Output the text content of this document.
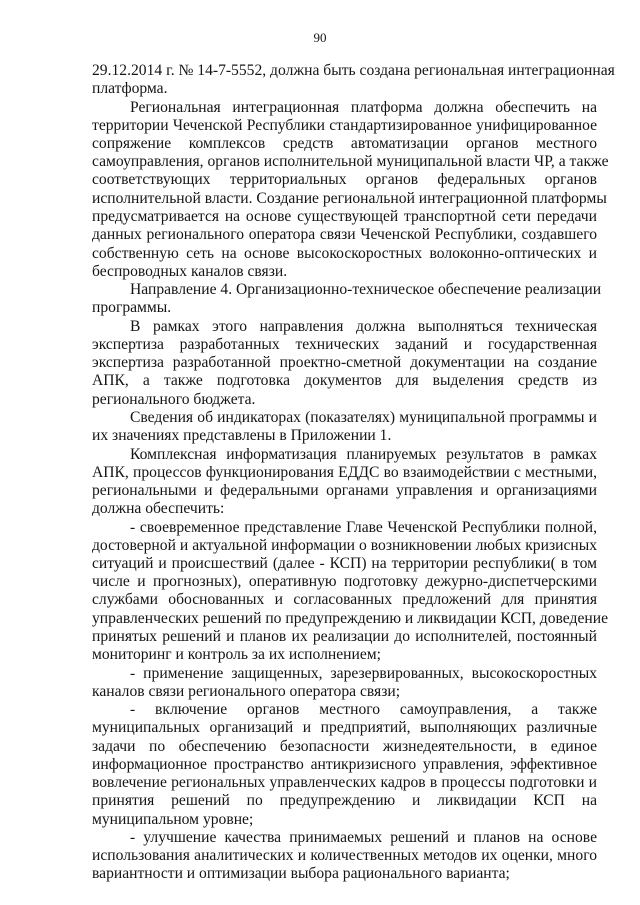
90
29.12.2014 г. № 14-7-5552, должна быть создана региональная интеграционная
платформа.
Региональная интеграционная платформа должна обеспечить на
территории Чеченской Республики стандартизированное унифицированное
сопряжение комплексов средств автоматизации органов местного
самоуправления, органов исполнительной муниципальной власти ЧР, а также
соответствующих территориальных органов федеральных органов
исполнительной власти. Создание региональной интеграционной платформы
предусматривается на основе существующей транспортной сети передачи
данных регионального оператора связи Чеченской Республики, создавшего
собственную сеть на основе высокоскоростных волоконно-оптических и
беспроводных каналов связи.
Направление 4. Организационно-техническое обеспечение реализации
программы.
В рамках этого направления должна выполняться техническая
экспертиза разработанных технических заданий и государственная
экспертиза разработанной проектно-сметной документации на создание
АПК, а также подготовка документов для выделения средств из
регионального бюджета.
Сведения об индикаторах (показателях) муниципальной программы и
их значениях представлены в Приложении 1.
Комплексная информатизация планируемых результатов в рамках
АПК, процессов функционирования ЕДДС во взаимодействии с местными,
региональными и федеральными органами управления и организациями
должна обеспечить:
- своевременное представление Главе Чеченской Республики полной,
достоверной и актуальной информации о возникновении любых кризисных
ситуаций и происшествий (далее - КСП) на территории республики( в том
числе и прогнозных), оперативную подготовку дежурно-диспетчерскими
службами обоснованных и согласованных предложений для принятия
управленческих решений по предупреждению и ликвидации КСП, доведение
принятых решений и планов их реализации до исполнителей, постоянный
мониторинг и контроль за их исполнением;
- применение защищенных, зарезервированных, высокоскоростных
каналов связи регионального оператора связи;
- включение органов местного самоуправления, а также
муниципальных организаций и предприятий, выполняющих различные
задачи по обеспечению безопасности жизнедеятельности, в единое
информационное пространство антикризисного управления, эффективное
вовлечение региональных управленческих кадров в процессы подготовки и
принятия решений по предупреждению и ликвидации КСП на
муниципальном уровне;
- улучшение качества принимаемых решений и планов на основе
использования аналитических и количественных методов их оценки, много
вариантности и оптимизации выбора рационального варианта;
